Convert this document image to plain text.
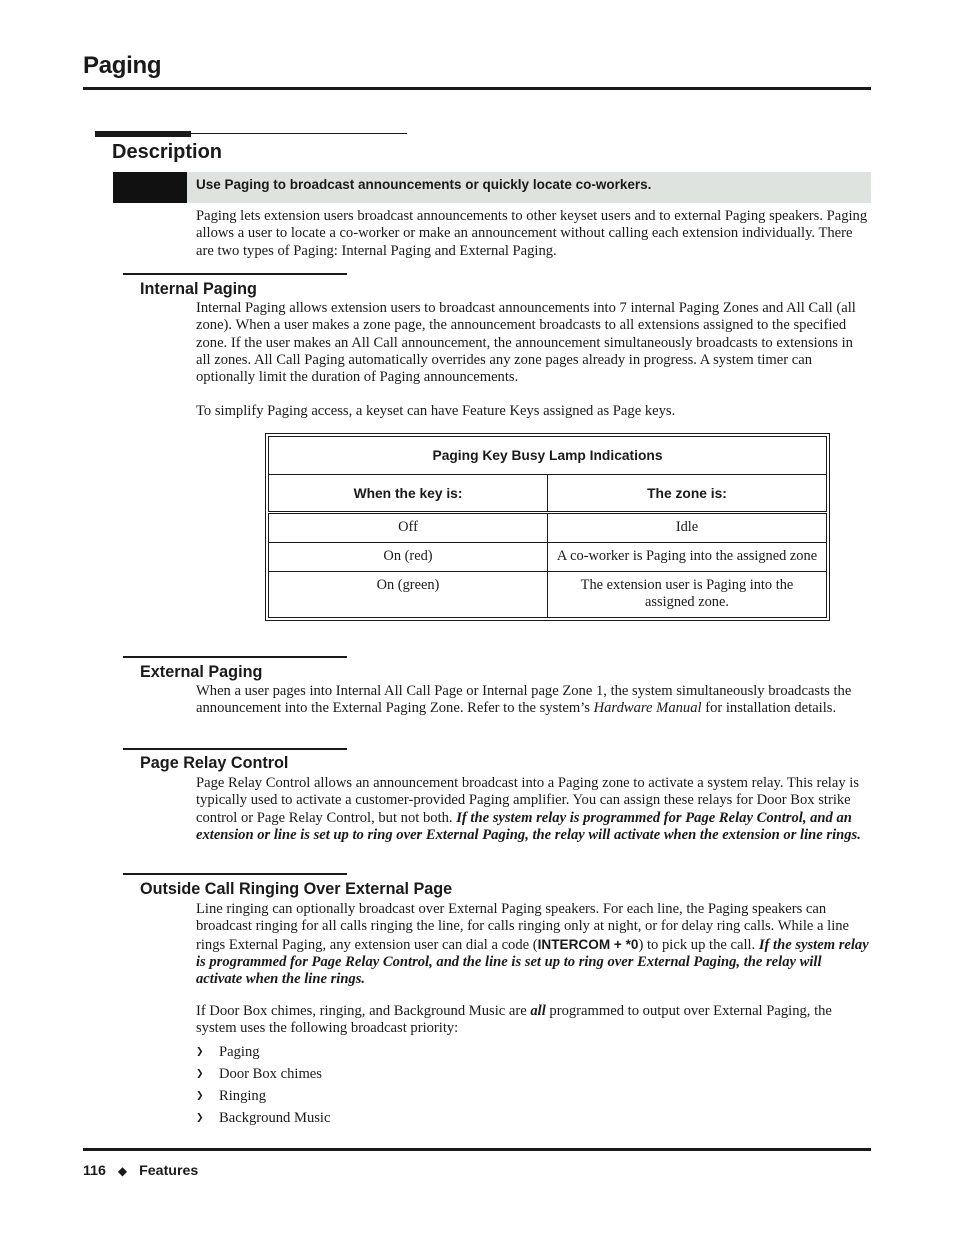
Paging
Description
Use Paging to broadcast announcements or quickly locate co-workers.
Paging lets extension users broadcast announcements to other keyset users and to external Paging speakers. Paging allows a user to locate a co-worker or make an announcement without calling each extension individually. There are two types of Paging: Internal Paging and External Paging.
Internal Paging
Internal Paging allows extension users to broadcast announcements into 7 internal Paging Zones and All Call (all zone). When a user makes a zone page, the announcement broadcasts to all extensions assigned to the specified zone. If the user makes an All Call announcement, the announcement simultaneously broadcasts to extensions in all zones. All Call Paging automatically overrides any zone pages already in progress. A system timer can optionally limit the duration of Paging announcements.
To simplify Paging access, a keyset can have Feature Keys assigned as Page keys.
Paging Key Busy Lamp Indications	
When the key is:	The zone is:
Off	Idle
On (red)	A co-worker is Paging into the assigned zone
On (green)	The extension user is Paging into the assigned zone.
External Paging
When a user pages into Internal All Call Page or Internal page Zone 1, the system simultaneously broadcasts the announcement into the External Paging Zone. Refer to the system’s Hardware Manual for installation details.
Page Relay Control
Page Relay Control allows an announcement broadcast into a Paging zone to activate a system relay. This relay is typically used to activate a customer-provided Paging amplifier. You can assign these relays for Door Box strike control or Page Relay Control, but not both. If the system relay is programmed for Page Relay Control, and an extension or line is set up to ring over External Paging, the relay will activate when the extension or line rings.
Outside Call Ringing Over External Page
Line ringing can optionally broadcast over External Paging speakers. For each line, the Paging speakers can broadcast ringing for all calls ringing the line, for calls ringing only at night, or for delay ring calls. While a line rings External Paging, any extension user can dial a code (INTERCOM + *0) to pick up the call. If the system relay is programmed for Page Relay Control, and the line is set up to ring over External Paging, the relay will activate when the line rings.
If Door Box chimes, ringing, and Background Music are all programmed to output over External Paging, the system uses the following broadcast priority:
❯	Paging
❯	Door Box chimes
❯	Ringing
❯	Background Music
116 ◆ Features
